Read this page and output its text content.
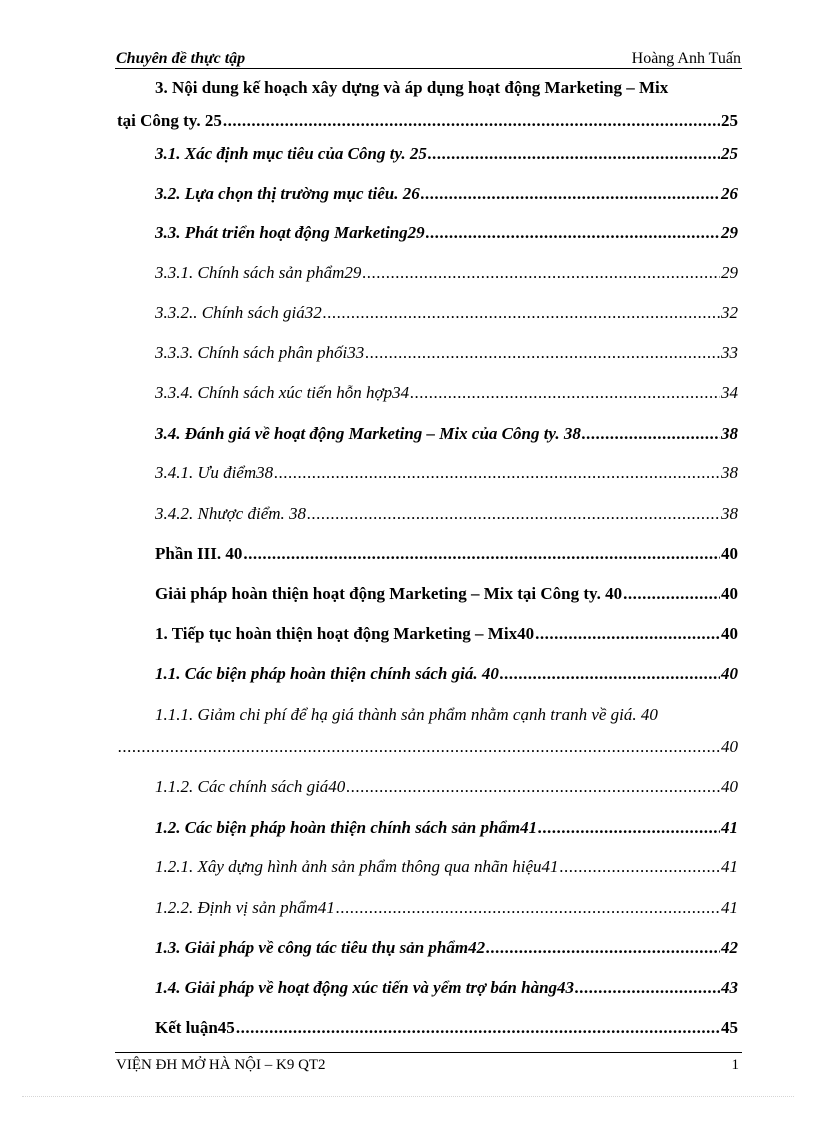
Chuyên đề thực tập	Hoàng Anh Tuấn
3. Nội dung kế hoạch xây dựng và áp dụng hoạt động Marketing – Mix
tại Công ty. 25 .....	25
3.1. Xác định mục tiêu của Công ty. 25 .....	25
3.2. Lựa chọn thị trường mục tiêu. 26 .....	26
3.3. Phát triển hoạt động Marketing29 .....	29
3.3.1. Chính sách sản phẩm29 .....	29
3.3.2.. Chính sách giá32 .....	32
3.3.3. Chính sách phân phối33 .....	33
3.3.4. Chính sách xúc tiến hỗn hợp34 .....	34
3.4. Đánh giá về hoạt động Marketing – Mix của Công ty. 38 .....	38
3.4.1. Ưu điểm38 .....	38
3.4.2. Nhược điểm. 38 .....	38
Phần III. 40 .....	40
Giải pháp hoàn thiện hoạt động Marketing – Mix tại Công ty. 40 .....	40
1. Tiếp tục hoàn thiện hoạt động Marketing – Mix40 .....	40
1.1. Các biện pháp hoàn thiện chính sách giá. 40 .....	40
1.1.1. Giảm chi phí để hạ giá thành sản phẩm nhằm cạnh tranh về giá. 40
.....
40
1.1.2. Các chính sách giá40 .....	40
1.2. Các biện pháp hoàn thiện chính sách sản phẩm41 .....	41
1.2.1. Xây dựng hình ảnh sản phẩm thông qua nhãn hiệu41 .....	41
1.2.2. Định vị sản phẩm41 .....	41
1.3. Giải pháp về công tác tiêu thụ sản phẩm42 .....	42
1.4. Giải pháp về hoạt động xúc tiến và yểm trợ bán hàng43 .....	43
Kết luận45 .....	45
VIỆN ĐH MỞ HÀ NỘI – K9 QT2	1
